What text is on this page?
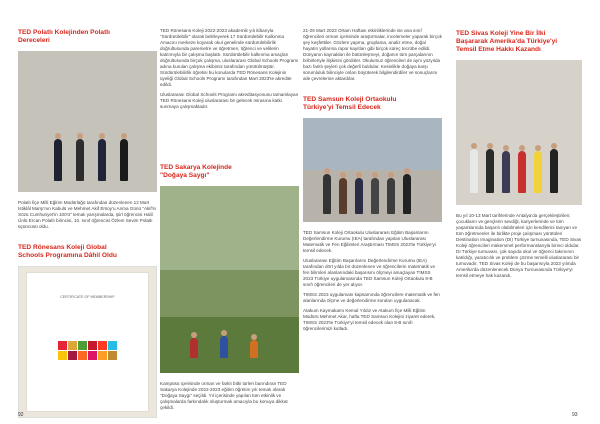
TED Polatlı Kolejinden Polatlı Dereceleri
Polatlı İlçe Milli Eğitim Müdürlüğü tarafından düzenlenen 12 Mart İstiklâl Marşı'nın Kabulü ve Mehmet Akif Ersoy'u Anma Günü "Akif'in Sözü Cumhuriyet'in 100'ü" temalı yarışmalarda, şiirl öğrencisi Halil Ünlü Ercan Polatlı birincisi, 10. sınıf öğrencisi Özlem Sevim Polatlı üçüncüsü oldu.
TED Rönesans Koleji Global Schools Programına Dâhil Oldu
CERTIFICATE OF MEMBERSHIP
TED Rönesans Koleji 2022-2023 akademik yılı itibarıyla "Sürdürülebilir" olarak belirleyerek 17 Sürdürülebilir Kalkınma Amacını merkeze koyarak okul genelinde sürdürülebilirlik doğrultusunda paremetre ve öğretmen, öğrenci ve velilerin katılımıyla bir çalışma başlattı. Sürdürülebilir kalkınma amaçları doğrultusunda birçok çalışma, uluslararası Global Schools Programı adına kurulan çalışma ekibimiz tarafından yürütülmüştür. Sürdürülebilirlik öğretisi bu konularda TED Rönesans Kolejinin üyeliği Global Schools Programı tarafından Mart 2023'te akredite edildi.
Uluslararası Global Schools Programı akreditasyonunu tamamlayan TED Rönesans Koleji uluslararası bir gelecek mirasına katkı sunmaya çalışmaktadır.
TED Sakarya Kolejinde "Doğaya Saygı"
Kampüsü içerisinde orman ve farklı bitki türleri barındıran TED Sakarya Kolejinde 2022-2023 eğitim öğretim yılı temalı olarak "Doğaya Saygı" seçildi. Yıl içerisinde yapılan tüm etkinlik ve çalışmalarda farkındalık oluşturmak amacıyla bu konuya dikkat çekildi.
21-26 Mart 2023 Ortam Haftası etkinliklerinde ise ana sınıf öğrencileri orman içerisinde araştırmalar, incelemeler yaparak birçok şey keşfettiler. Gözlem yapma, gruplama, analiz etme, doğal hayatın yollarına rapor kayıtları gibi birçok süreç tecrübe edildi. Dünyanın kaynakları ile bütünleşmeyi, doğanın tüm parçalarının birbirleriyle ilişkisini gördüler. Okulumuz öğrencileri de aynı yüzyılda bazı farklı şeyleri çok değerli buldular. Kesinlikle doğaya karşı sorumluluk bilinciyle onları büyüterek bilgilendirdiler ve sonuçlarını aile çevrelerine aktardılar.
TED Samsun Koleji Ortaokulu Türkiye'yi Temsil Edecek
TED Samsun Koleji Ortaokulu Uluslararası Eğitim Başarılarını Değerlendirme Kurumu (IEA) tarafından yapılan Uluslararası Matematik ve Fen Eğilimleri Araştırması TIMSS 2023'te Türkiye'yi temsil edecek.
Uluslararası Eğitim Başarılarını Değerlendirme Kurumu (IEA) tarafından dört yılda bir düzenlenen ve öğrencilerin matematik ve fen bilimleri alanlarındaki başarısını ölçmeyi amaçlayan TIMSS 2023 Türkiye uygulamasında TED Samsun Koleji Ortaokulu 8-B sınıfı öğrencileri de yer alıyor.
TIMSS 2023 uygulaması kapsamında öğrencilere matematik ve fen alanlarında ölçme ve değerlendirme soruları uygulanacak.
Atakum Kaymakamı Kemal Yıldız ve Atakum İlçe Milli Eğitim Müdürü Mehmet Akar, hafta TED Samsun Kolejini ziyaret ederek, TIMSS 2023'te Türkiye'yi temsil edecek olan 8-B sınıfı öğrencilerimizi kutladı.
TED Sivas Koleji Yine Bir İlki Başararak Amerika'da Türkiye'yi Temsil Etme Hakkı Kazandı
Bu yıl 10-13 Mart tarihlerinde Antalya'da gerçekleştirilen; çocukların ve gençlerin sevdiği, kariyerlerinde ve tüm yaşamlarında başarılı olabilmeleri için kendilerini tanıyan ve tüm öğretmenler ile birlikte proje çalışması yürütülen Destination Imagination (DI) Türkiye turnuvasında, TED Sivas Koleji öğrencileri mükemmel performanslarıyla birinci oldular. DI Türkiye turnuvası, çok sayıda okul ve öğrenci takımının katıldığı, yaratıcılık ve problem çözme temelli uluslararası bir turnuvadır. TED Sivas Koleji de bu başarısıyla 2023 yılında Amerika'da düzenlenecek Dünya Turnuvasında Türkiye'yi temsil etmeye hak kazandı.
92	93
